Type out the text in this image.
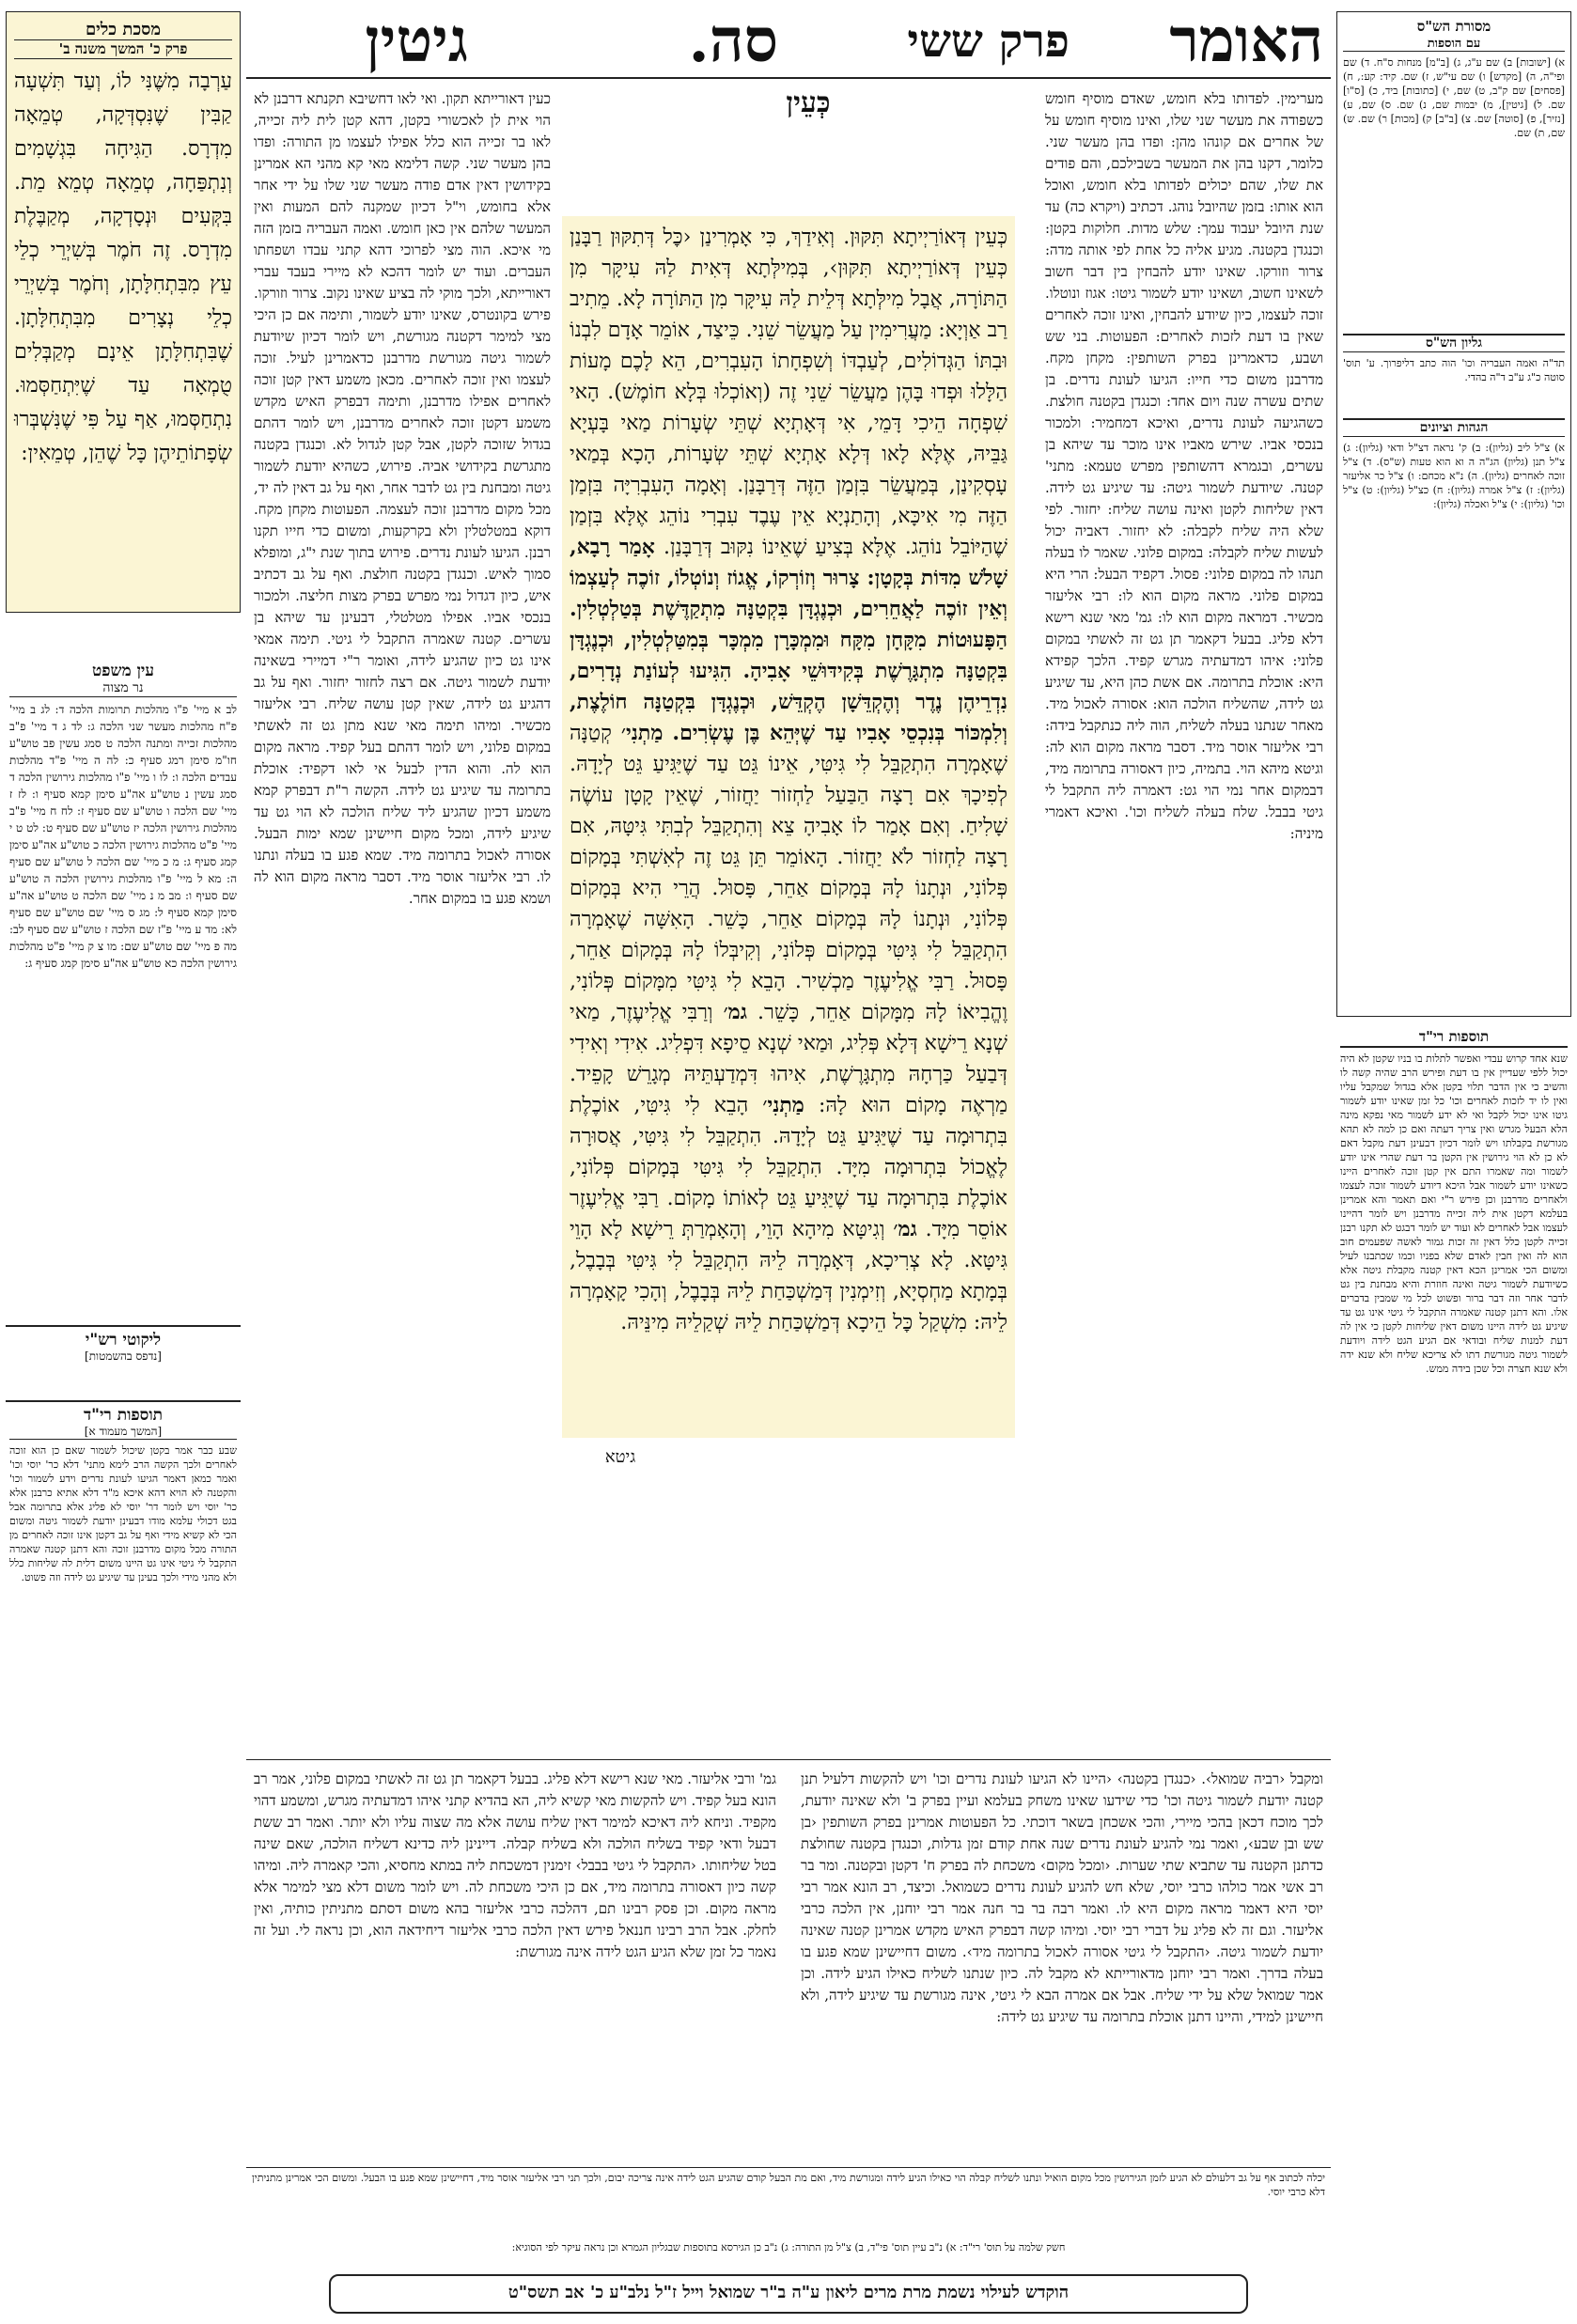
גיטין	פרק ששי
סה.	האומר	מסורת הש"ס
עם הוספות
א) [ישובות] ב) שם ע"ג, ג) [ב"מ] מנחות ס"ח. ד) שם ופי"ה, ה) [מקדש] ו) שם עי"ש, ז) שם. קיד: קע:, ח) [פסחים] שם ק"ב, ט) שם, י) [כתובות] ביד, כ) [ס"ו] שם. ל) [גיטין], מ) יבמות שם, נ) שם. ס) שם, ע) [נזיר], פ) [סוטה] שם. צ) [ב"ב] ק) [מכות] ר) שם. ש) שם, ת) שם.
גליון הש"ס
תד"ה ואמה העבריה וכו' הוה כתב דליפרוך. ע' תוס' סוטה כ"ג ע"ב ד"ה בהדי.
הגהות וציונים
א) צ"ל ליב (גליון): ב) ק' נראה דצ"ל ודאי (גליון): ג) צ"ל תנן (גליון) הג"ה ה וא הוא טעות (ש"ס). ד) צ"ל זוכה לאחרים (גליון). ה) נ"א מכחם: ו) צ"ל כר אליעזר (גליון): ז) צ"ל אמרה (גליון): ח) כצ"ל (גליון): ט) צ"ל וכו' (גליון): י) צ"ל ואכלה (גליון):
תוספות רי"ד
שנא אחד קרוש עבדי ואפשר לתלות בו בניו שקטן לא היה יכול ללפי שעדיין אין בו דעת ופירש הרב שהיה קשה לו והשיב כי אין הדבר תלוי בקטן אלא בגדול שמקבל עליו ואין לו יד לזכות לאחרים וכו' כל זמן שאינו יודע לשמור גיטו אינו יכול לקבל ואי לא ידע לשמור מאי נפקא מינה הלא הבעל מגרש ואין צריך דעתה ואם כן למה לא תהא מגורשת בקבלתו ויש לומר דכיון דבעינן דעת מקבל דאם לא כן לא הוי גירושין אין הקטן בר דעת שהרי אינו יודע לשמור ומה שאמרו התם אין קטן זוכה לאחרים היינו כשאינו יודע לשמור אבל היכא דיודע לשמור זוכה לעצמו ולאחרים מדרבנן וכן פירש ר"י ואם תאמר והא אמרינן בעלמא דקטן אית ליה זכייה מדרבנן ויש לומר דהיינו לעצמו אבל לאחרים לא ועוד יש לומר דבגט לא תקנו רבנן זכייה לקטן כלל דאין זה זכות גמור לאשה שפעמים חוב הוא לה ואין חבין לאדם שלא בפניו וכמו שכתבנו לעיל ומשום הכי אמרינן הכא דאין קטנה מקבלת גיטה אלא כשיודעת לשמור גיטה ואינה חוזרת והיא מבחנת בין גט לדבר אחר וזה דבר ברור ופשוט לכל מי שמבין בדברים אלו. והא דתנן קטנה שאמרה התקבל לי גיטי אינו גט עד שיגיע גט לידה היינו משום דאין שליחות לקטן כי אין לה דעת למנות שליח ובודאי אם הגיע הגט לידה ויודעת לשמור גיטה מגורשת דתו לא צריכא שליח ולא שנא ידה ולא שנא חצרה וכל שכן בידה ממש.
מסכת כלים
פרק כ' המשך משנה ב'
עַרְבָה מִשֶּׁנִּי לוֹ, וְעַד תִּשְׁעָה קַבִּין שֶׁנִּסְדְּקָה, טְמֵאָה מִדְרָס. הַגִּיחָה בִּגְשָׁמִים וְנִתְפַּחָה, טְמֵאָה טְמֵא מֵת. בִּקְּעִים וּנְסָדְקָה, מְקַבֶּלֶת מִדְרָס. זֶה חֹמֶר בְּשִׁיְרֵי כְלֵי עֵץ מִבִּתְחִלָּתָן, וְחֹמֶר בְּשִׁיְרֵי כְלֵי נְצָרִים מִבִּתְחִלָּתָן. שֶׁבִּתְחִלָּתָן אֵינָם מְקַבְּלִים טֻמְאָה עַד שֶׁיִּתְחַסְּמוּ. נִתְחַסְּמוּ, אַף עַל פִּי שֶׁנִּשְׁבְּרוּ שְׂפָתוֹתֵיהֶן כָּל שֶׁהֵן, טְמֵאִין:
עין משפט
נר מצוה
לב א מיי' פ"ו מהלכות תרומות הלכה ד: לג ב מיי' פ"ח מהלכות מעשר שני הלכה ג: לד ג ד מיי' פ"ב מהלכות זכייה ומתנה הלכה ט סמג עשין פב טוש"ע חו"מ סימן רמג סעיף כ: לה ה מיי' פ"ד מהלכות עבדים הלכה ו: לו ו מיי' פ"ו מהלכות גירושין הלכה ד סמג עשין נ טוש"ע אה"ע סימן קמא סעיף ו: לז ז מיי' שם הלכה ו טוש"ע שם סעיף ז: לח ח מיי' פ"ב מהלכות גירושין הלכה יז טוש"ע שם סעיף ט: לט ט י מיי' פ"ט מהלכות גירושין הלכה כ טוש"ע אה"ע סימן קמג סעיף ג: מ כ מיי' שם הלכה ל טוש"ע שם סעיף ה: מא ל מיי' פ"ו מהלכות גירושין הלכה ה טוש"ע שם סעיף ו: מב מ נ מיי' שם הלכה ט טוש"ע אה"ע סימן קמא סעיף ל: מג ס מיי' שם טוש"ע שם סעיף לא: מד ע מיי' פ"ז שם הלכה ז טוש"ע שם סעיף לב: מה פ מיי' שם טוש"ע שם: מו צ ק מיי' פ"ט מהלכות גירושין הלכה כא טוש"ע אה"ע סימן קמג סעיף ג:
ליקוטי רש"י
[נדפס בהשמטות]
תוספות רי"ד
[המשך מעמוד א]
שבע כבר אמר בקטן שיכול לשמור שאם כן הוא זוכה לאחרים ולכך הקשה הרב לימא מתני' דלא כר' יוסי וכו' ואמר כמאן דאמר הגיעו לעונת נדרים וידע לשמור וכו' והקטנה לא הויא דהא איכא מ"ד דלא אתיא כרבנן אלא כר' יוסי ויש לומר דר' יוסי לא פליג אלא בתרומה אבל בגט דכולי עלמא מודו דבעינן יודעת לשמור גיטה ומשום הכי לא קשיא מידי ואף על גב דקטן אינו זוכה לאחרים מן התורה מכל מקום מדרבנן זוכה והא דתנן קטנה שאמרה התקבל לי גיטי אינו גט היינו משום דלית לה שליחות כלל ולא מהני מידי ולכך בעינן עד שיגיע גט לידה וזה פשוט.
מערימין. לפדותו בלא חומש, שאדם מוסיף חומש כשפודה את מעשר שני שלו, ואינו מוסיף חומש על של אחרים אם קונהו מהן: ופדו בהן מעשר שני. כלומר, דקנו בהן את המעשר בשבילכם, והם פודים את שלו, שהם יכולים לפדותו בלא חומש, ואוכל הוא אותו: בזמן שהיובל נוהג. דכתיב (ויקרא כה) עד שנת היובל יעבוד עמך: שלש מדות. חלוקות בקטן: וכנגדן בקטנה. מגיע אליה כל אחת לפי אותה מדה: צרור וזורקו. שאינו יודע להבחין בין דבר חשוב לשאינו חשוב, ושאינו יודע לשמור גיטו: אגוז ונוטלו. זוכה לעצמו, כיון שיודע להבחין, ואינו זוכה לאחרים שאין בו דעת לזכות לאחרים: הפעוטות. בני שש ושבע, כדאמרינן בפרק השותפין: מקחן מקח. מדרבנן משום כדי חייו: הגיעו לעונת נדרים. בן שתים עשרה שנה ויום אחד: וכנגדן בקטנה חולצת. כשהגיעה לעונת נדרים, ואיכא דמחמיר: ולמכור בנכסי אביו. שירש מאביו אינו מוכר עד שיהא בן עשרים, ובגמרא דהשותפין מפרש טעמא: מתני' קטנה. שיודעת לשמור גיטה: עד שיגיע גט לידה. דאין שליחות לקטן ואינה עושה שליח: יחזור. לפי שלא היה שליח לקבלה: לא יחזור. דאביה יכול לעשות שליח לקבלה: במקום פלוני. שאמר לו בעלה תנהו לה במקום פלוני: פסול. דקפיד הבעל: הרי היא במקום פלוני. מראה מקום הוא לו: רבי אליעזר מכשיר. דמראה מקום הוא לו: גמ' מאי שנא רישא דלא פליג. בבעל דקאמר תן גט זה לאשתי במקום פלוני: איהו דמדעתיה מגרש קפיד. הלכך קפידא היא: אוכלת בתרומה. אם אשת כהן היא, עד שיגיע גט לידה, שהשליח הולכה הוא: אסורה לאכול מיד. מאחר שנתנו בעלה לשליח, הוה ליה כנתקבל בידה: רבי אליעזר אוסר מיד. דסבר מראה מקום הוא לה: וגיטא מיהא הוי. בתמיה, כיון דאסורה בתרומה מיד, דבמקום אחר נמי הוי גט: דאמרה ליה התקבל לי גיטי בבבל. שלח בעלה לשליח וכו'. ואיכא דאמרי מיניה:
כעין דאורייתא תקון. ואי לאו דחשיבא תקנתא דרבנן לא הוי אית לן לאכשורי בקטן, דהא קטן לית ליה זכייה, לאו בר זכייה הוא כלל אפילו לעצמו מן התורה: ופדו בהן מעשר שני. קשה דלימא מאי קא מהני הא אמרינן בקידושין דאין אדם פודה מעשר שני שלו על ידי אחר אלא בחומש, וי"ל דכיון שמקנה להם המעות ואין המעשר שלהם אין כאן חומש. ואמה העבריה בזמן הזה מי איכא. הוה מצי לפרוכי דהא קתני עבדו ושפחתו העברים. ועוד יש לומר דהכא לא מיירי בעבד עברי דאורייתא, ולכך מוקי לה בציע שאינו נקוב. צרור וזורקו. פירש בקונטרס, שאינו יודע לשמור, ותימה אם כן היכי מצי למימר דקטנה מגורשת, ויש לומר דכיון שיודעת לשמור גיטה מגורשת מדרבנן כדאמרינן לעיל. זוכה לעצמו ואין זוכה לאחרים. מכאן משמע דאין קטן זוכה לאחרים אפילו מדרבנן, ותימה דבפרק האיש מקדש משמע דקטן זוכה לאחרים מדרבנן, ויש לומר דהתם בגדול שזוכה לקטן, אבל קטן לגדול לא. וכנגדן בקטנה מתגרשת בקידושי אביה. פירוש, כשהיא יודעת לשמור גיטה ומבחנת בין גט לדבר אחר, ואף על גב דאין לה יד, מכל מקום מדרבנן זוכה לעצמה. הפעוטות מקחן מקח. דוקא במטלטלין ולא בקרקעות, ומשום כדי חייו תקנו רבנן. הגיעו לעונת נדרים. פירוש בתוך שנת י"ג, ומופלא סמוך לאיש. וכנגדן בקטנה חולצת. ואף על גב דכתיב איש, כיון דגדול נמי מפרש בפרק מצות חליצה. ולמכור בנכסי אביו. אפילו מטלטלי, דבעינן עד שיהא בן עשרים. קטנה שאמרה התקבל לי גיטי. תימה אמאי אינו גט כיון שהגיע לידה, ואומר ר"י דמיירי בשאינה יודעת לשמור גיטה. אם רצה לחזור יחזור. ואף על גב דהגיע גט לידה, שאין קטן עושה שליח. רבי אליעזר מכשיר. ומיהו תימה מאי שנא מתן גט זה לאשתי במקום פלוני, ויש לומר דהתם בעל קפיד. מראה מקום הוא לה. והוא הדין לבעל אי לאו דקפיד: אוכלת בתרומה עד שיגיע גט לידה. הקשה ר"ת דבפרק קמא משמע דכיון שהגיע ליד שליח הולכה לא הוי גט עד שיגיע לידה, ומכל מקום חיישינן שמא ימות הבעל. אסורה לאכול בתרומה מיד. שמא פגע בו בעלה ונתנו לו. רבי אליעזר אוסר מיד. דסבר מראה מקום הוא לה ושמא פגע בו במקום אחר.
כְּעֵין דְּאוֹרַיְיתָא תִּקּוּן. וְאִידַךְ, כִּי אָמְרִינַן ‹כׇּל דְּתִקּוּן רַבָּנַן כְּעֵין דְּאוֹרַיְיתָא תִּקּוּן›, בְּמִילְּתָא דְּאִית לַהּ עִיקָּר מִן הַתּוֹרָה, אֲבָל מִילְּתָא דְּלֵית לַהּ עִיקָּר מִן הַתּוֹרָה לָא. מֵתִיב רַב אַוְיָא: מַעֲרִימִין עַל מַעֲשֵׂר שֵׁנִי. כֵּיצַד, אוֹמֵר אָדָם לִבְנוֹ וּבִתּוֹ הַגְּדוֹלִים, לְעַבְדּוֹ וְשִׁפְחָתוֹ הָעִבְרִים, הֵא לָכֶם מָעוֹת הַלָּלוּ וּפְדוּ בָּהֶן מַעֲשֵׂר שֵׁנִי זֶה (וְאוֹכְלוּ בְּלָא חוֹמֶשׁ). הָאי שִׁפְחָה הֵיכִי דָּמֵי, אִי דְּאָתְיָא שְׁתֵּי שְׂעָרוֹת מַאי בָּעְיָא גַּבֵּיהּ, אֶלָּא לָאו דְּלָא אָתְיָא שְׁתֵּי שְׂעָרוֹת, הָכָא בְּמַאי עָסְקִינַן, בְּמַעֲשֵׂר בִּזְמַן הַזֶּה דְּרַבָּנַן. וְאָמָה הָעִבְרִיָּה בִּזְמַן הַזֶּה מִי אִיכָּא, וְהָתַנְיָא אֵין עֶבֶד עִבְרִי נוֹהֵג אֶלָּא בִּזְמַן שֶׁהַיּוֹבֵל נוֹהֵג. אֶלָּא בְּצִיעַ שֶׁאֵינוֹ נִקּוּב דְּרַבָּנַן. אָמַר רָבָא, שָׁלֹשׁ מִדּוֹת בְּקָטָן: צָרוּר וְזוֹרְקוֹ, אֱגוֹז וְנוֹטְלוֹ, זוֹכֶה לְעַצְמוֹ וְאֵין זוֹכֶה לַאֲחֵרִים, וּכְנֶגְדָּן בִּקְטַנָּה מִתְקַדֶּשֶׁת בְּטַלְטְלִין. הַפָּעוּטוֹת מִקָּחָן מִקָּח וּמִמְכָּרָן מִמְכָּר בְּמִטַּלְטְלִין, וּכְנֶגְדָּן בִּקְטַנָּה מִתְגָּרֶשֶׁת בְּקִידּוּשֵׁי אָבִיהָ. הִגִּיעוּ לְעוֹנַת נְדָרִים, נִדְרֵיהֶן נֶדֶר וְהֶקְדֵּשָׁן הֶקְדֵּשׁ, וּכְנֶגְדָּן בִּקְטַנָּה חוֹלֶצֶת, וְלִמְכּוֹר בְּנִכְסֵי אָבִיו עַד שֶׁיְּהֵא בֶּן עֶשְׂרִים. מַתְנִי׳ קְטַנָּה שֶׁאָמְרָה הִתְקַבֵּל לִי גִּיטִּי, אֵינוֹ גֵּט עַד שֶׁיַּגִּיעַ גֵּט לְיָדָהּ. לְפִיכָךְ אִם רָצָה הַבַּעַל לַחְזוֹר יַחֲזוֹר, שֶׁאֵין קָטָן עוֹשֶׂה שָׁלִיחַ. וְאִם אָמַר לוֹ אָבִיהָ צֵא וְהִתְקַבֵּל לְבִתִּי גִּיטָּהּ, אִם רָצָה לַחְזוֹר לֹא יַחֲזוֹר. הָאוֹמֵר תֵּן גֵּט זֶה לְאִשְׁתִּי בְּמָקוֹם פְּלוֹנִי, וּנְתָנוֹ לָהּ בְּמָקוֹם אַחֵר, פָּסוּל. הֲרֵי הִיא בְּמָקוֹם פְּלוֹנִי, וּנְתָנוֹ לָהּ בְּמָקוֹם אַחֵר, כָּשֵׁר. הָאִשָּׁה שֶׁאָמְרָה הִתְקַבֵּל לִי גִּיטִּי בְּמָקוֹם פְּלוֹנִי, וְקִיבְּלוֹ לָהּ בְּמָקוֹם אַחֵר, פָּסוּל. רַבִּי אֱלִיעֶזֶר מַכְשִׁיר. הָבֵא לִי גִּיטִּי מִמָּקוֹם פְּלוֹנִי, וֶהֱבִיאוֹ לָהּ מִמָּקוֹם אַחֵר, כָּשֵׁר. גמ׳ וְרַבִּי אֱלִיעֶזֶר, מַאי שְׁנָא רֵישָׁא דְּלָא פְּלִיג, וּמַאי שְׁנָא סֵיפָא דִּפְלִיג. אִידִי וְאִידִי דְּבַעַל כַּרְחָהּ מִתְגָּרֶשֶׁת, אִיהוּ דִּמְדַעְתֵּיהּ מְגָרֵשׁ קָפֵיד. מַרְאֶה מָקוֹם הוּא לָהּ: מַתְנִי׳ הָבֵא לִי גִּיטִּי, אוֹכֶלֶת בִּתְרוּמָה עַד שֶׁיַּגִּיעַ גֵּט לְיָדָהּ. הִתְקַבֵּל לִי גִּיטִּי, אֲסוּרָה לֶאֱכוֹל בִּתְרוּמָה מִיָּד. הִתְקַבֵּל לִי גִּיטִּי בְּמָקוֹם פְּלוֹנִי, אוֹכֶלֶת בִּתְרוּמָה עַד שֶׁיַּגִּיעַ גֵּט לְאוֹתוֹ מָקוֹם. רַבִּי אֱלִיעֶזֶר אוֹסֵר מִיָּד. גמ׳ וְגִיטָּא מִיהָא הָוֵי, וְהָאָמְרַתְּ רֵישָׁא לָא הָוֵי גִּיטָּא. לָא צְרִיכָא, דְּאָמְרָה לֵיהּ הִתְקַבֵּל לִי גִּיטִּי בְּבָבֶל, בְּמָתָא מַחְסְיָא, וְזִימְנִין דְּמַשְׁכַּחַת לֵיהּ בְּבָבֶל, וְהָכִי קָאָמְרָה לֵיהּ: מִשְׁקַל כׇּל הֵיכָא דְּמַשְׁכַּחַת לֵיהּ שְׁקַלֵיהּ מִינֵּיהּ.
כְּעֵין
גיטא
ומקבל ‹רביה שמואל›. ‹כנגדן בקטנה› ‹היינו לא הגיעו לעונת נדרים וכו' ויש להקשות דלעיל תנן קטנה יודעת לשמור גיטה וכו' כדי שידעו שאינו משחק בעלמא ועיין בפרק ב' ולא שאינה יודעת, לכך מוכח דכאן בהכי מיירי, והכי אשכחן בשאר דוכתי. כל הפעוטות אמרינן בפרק השותפין ‹בן שש ובן שבע›, ואמר נמי להגיע לעונת נדרים שנה אחת קודם זמן גדלות, וכנגדן בקטנה שחולצת כדתנן הקטנה עד שתביא שתי שערות. ‹ומכל מקום› משכחת לה בפרק ח' דקטן ובקטנה. ומר בר רב אשי אמר כולהו כרבי יוסי, שלא חש להגיע לעונת נדרים כשמואל. וכיצד, רב הונא אמר רבי יוסי היא דאמר מראה מקום היא לו. ואמר רבה בר בר חנה אמר רבי יוחנן, אין הלכה כרבי אליעזר. וגם זה לא פליג על דברי רבי יוסי. ומיהו קשה דבפרק האיש מקדש אמרינן קטנה שאינה יודעת לשמור גיטה. ‹התקבל לי גיטי אסורה לאכול בתרומה מיד›. משום דחיישינן שמא פגע בו בעלה בדרך. ואמר רבי יוחנן מדאורייתא לא מקבל לה. כיון שנתנו לשליח כאילו הגיע לידה. וכן אמר שמואל שלא על ידי שליח. אבל אם אמרה הבא לי גיטי, אינה מגורשת עד שיגיע לידה, ולא חיישינן למידי, והיינו דתנן אוכלת בתרומה עד שיגיע גט לידה:
גמ' ורבי אליעזר. מאי שנא רישא דלא פליג. בבעל דקאמר תן גט זה לאשתי במקום פלוני, אמר רב הונא בעל קפיד. ויש להקשות מאי קשיא ליה, הא בהדיא קתני איהו דמדעתיה מגרש, ומשמע דהוי מקפיד. וניחא ליה דאיכא למימר דאין שליח עושה אלא מה שצוה עליו ולא יותר. ואמר רב ששת דבעל ודאי קפיד בשליח הולכה ולא בשליח קבלה. דיינינן ליה כדינא דשליח הולכה, שאם שינה בטל שליחותו. ‹התקבל לי גיטי בבבל› זימנין דמשכחת ליה במתא מחסיא, והכי קאמרה ליה. ומיהו קשה כיון דאסורה בתרומה מיד, אם כן היכי משכחת לה. ויש לומר משום דלא מצי למימר אלא מראה מקום. וכן פסק רבינו תם, דהלכה כרבי אליעזר בהא משום דסתם מתניתין כותיה, ואין לחלק. אבל הרב רבינו חננאל פירש דאין הלכה כרבי אליעזר דיחידאה הוא, וכן נראה לי. ועל זה נאמר כל זמן שלא הגיע הגט לידה אינה מגורשת:
יכלה לכתוב אף על גב דלעולם לא הגיע לזמן הגירושין מכל מקום הואיל ונתנו לשליח קבלה הוי כאילו הגיע לידה ומגורשת מיד, ואם מת הבעל קודם שהגיע הגט לידה אינה צריכה יבום, ולכך תני רבי אליעזר אוסר מיד, דחיישינן שמא פגע בו הבעל. ומשום הכי אמרינן מתניתין דלא כרבי יוסי.
חשק שלמה על תוס' רי"ד: א) נ"ב עיין תוס' פי"ד, ב) צ"ל מן התורה: ג) נ"ב כן הגירסא בתוספות שבגליון הגמרא וכן נראה עיקר לפי הסוגיא:
הוקדש לעילוי נשמת מרת מרים ליאון ע"ה ב"ר שמואל וייל ז"ל נלב"ע כ' אב תשס"ט
